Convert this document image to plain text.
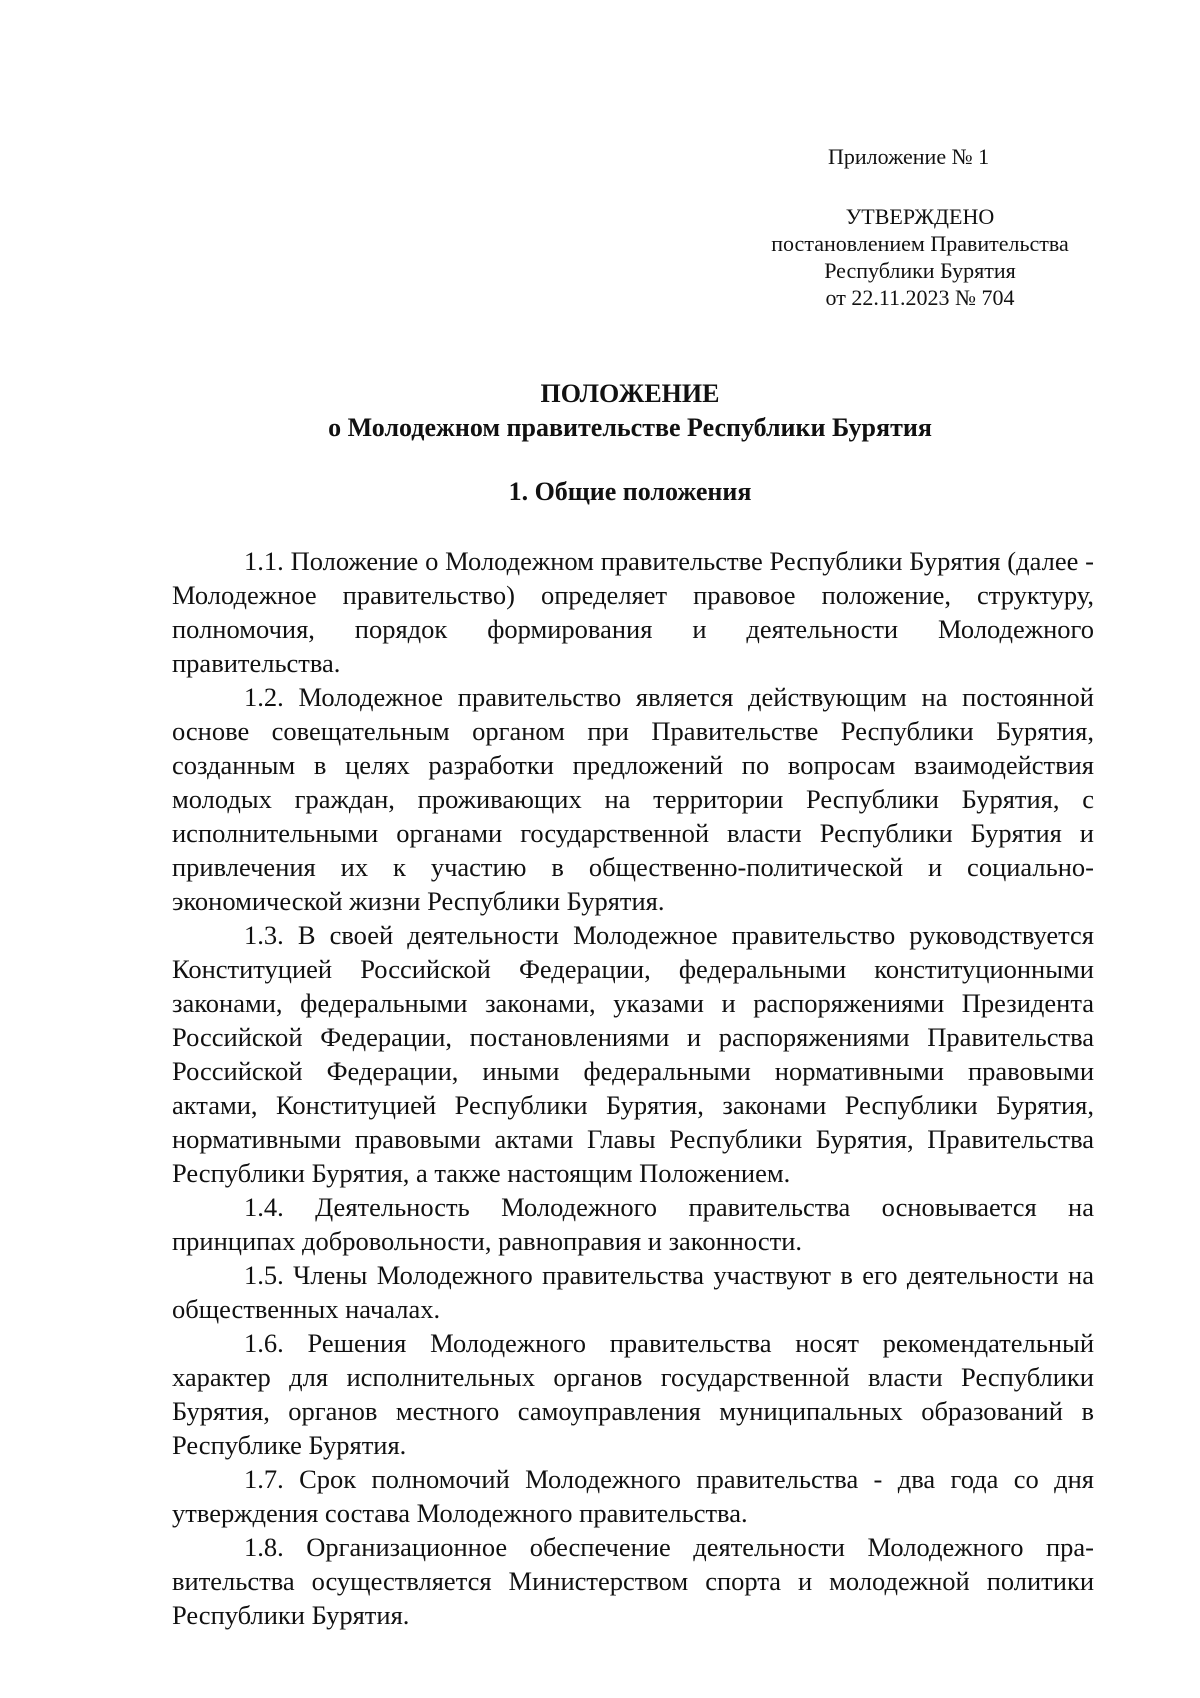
Приложение № 1
УТВЕРЖДЕНО
постановлением Правительства
Республики Бурятия
от 22.11.2023 № 704
ПОЛОЖЕНИЕ
о Молодежном правительстве Республики Бурятия
1. Общие положения

1.1. Положение о Молодежном правительстве Республики Бурятия (далее - Молодежное правительство) определяет правовое положение, структуру, полномочия, порядок формирования и деятельности Молодежного правительства.

1.2. Молодежное правительство является действующим на постоянной основе совещательным органом при Правительстве Республики Бурятия, созданным в целях разработки предложений по вопросам взаимодействия молодых граждан, проживающих на территории Республики Бурятия, с исполнительными органами государственной власти Республики Бурятия и привлечения их к участию в общественно-политической и социально-экономической жизни Республики Бурятия.

1.3. В своей деятельности Молодежное правительство руководствуется Конституцией Российской Федерации, федеральными конституционными законами, федеральными законами, указами и распоряжениями Президента Российской Федерации, постановлениями и распоряжениями Правительства Российской Федерации, иными федеральными нормативными правовыми актами, Конституцией Республики Бурятия, законами Республики Бурятия, нормативными правовыми актами Главы Республики Бурятия, Правительства Республики Бурятия, а также настоящим Положением.

1.4. Деятельность Молодежного правительства основывается на принципах добровольности, равноправия и законности.

1.5. Члены Молодежного правительства участвуют в его деятельности на общественных началах.

1.6. Решения Молодежного правительства носят рекомендательный характер для исполнительных органов государственной власти Республики Бурятия, органов местного самоуправления муниципальных образований в Республике Бурятия.

1.7. Срок полномочий Молодежного правительства - два года со дня утверждения состава Молодежного правительства.

1.8. Организационное обеспечение деятельности Молодежного правительства осуществляется Министерством спорта и молодежной политики Республики Бурятия.
